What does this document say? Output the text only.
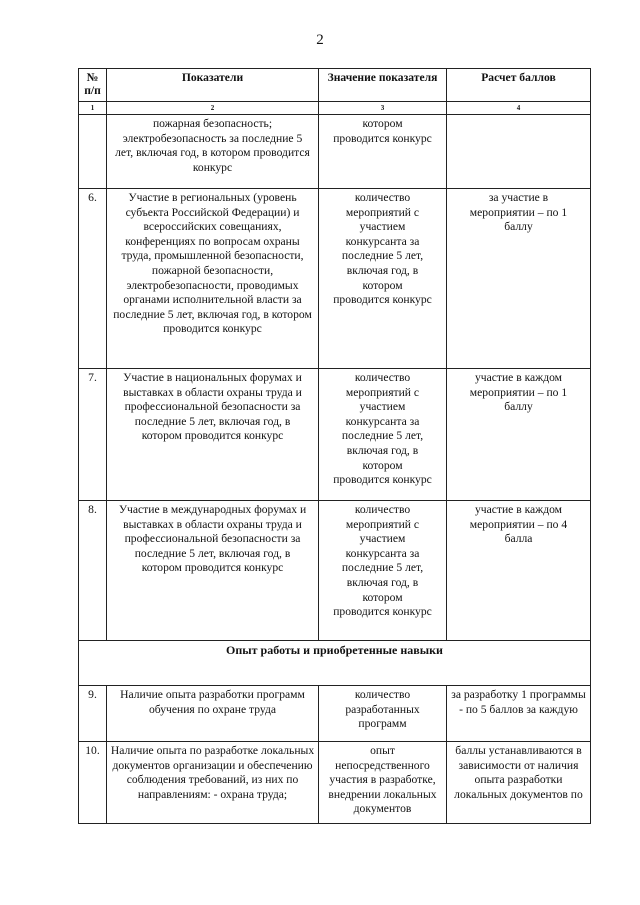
2
№ п/п	Показатели	Значение показателя	Расчет баллов
1	2	3	4
	пожарная безопасность; электробезопасность за последние 5 лет, включая год, в котором проводится конкурс	котором проводится конкурс	
6.	Участие в региональных (уровень субъекта Российской Федерации) и всероссийских совещаниях, конференциях по вопросам охраны труда, промышленной безопасности, пожарной безопасности, электробезопасности, проводимых органами исполнительной власти за последние 5 лет, включая год, в котором проводится конкурс	количество мероприятий с участием конкурсанта за последние 5 лет, включая год, в котором проводится конкурс	за участие в мероприятии – по 1 баллу
7.	Участие в национальных форумах и выставках в области охраны труда и профессиональной безопасности за последние 5 лет, включая год, в котором проводится конкурс	количество мероприятий с участием конкурсанта за последние 5 лет, включая год, в котором проводится конкурс	участие в каждом мероприятии – по 1 баллу
8.	Участие в международных форумах и выставках в области охраны труда и профессиональной безопасности за последние 5 лет, включая год, в котором проводится конкурс	количество мероприятий с участием конкурсанта за последние 5 лет, включая год, в котором проводится конкурс	участие в каждом мероприятии – по 4 балла
Опыт работы и приобретенные навыки			
9.	Наличие опыта разработки программ обучения по охране труда	количество разработанных программ	за разработку 1 программы - по 5 баллов за каждую
10.	Наличие опыта по разработке локальных документов организации и обеспечению соблюдения требований, из них по направлениям: - охрана труда;	опыт непосредственного участия в разработке, внедрении локальных документов	баллы устанавливаются в зависимости от наличия опыта разработки локальных документов по
